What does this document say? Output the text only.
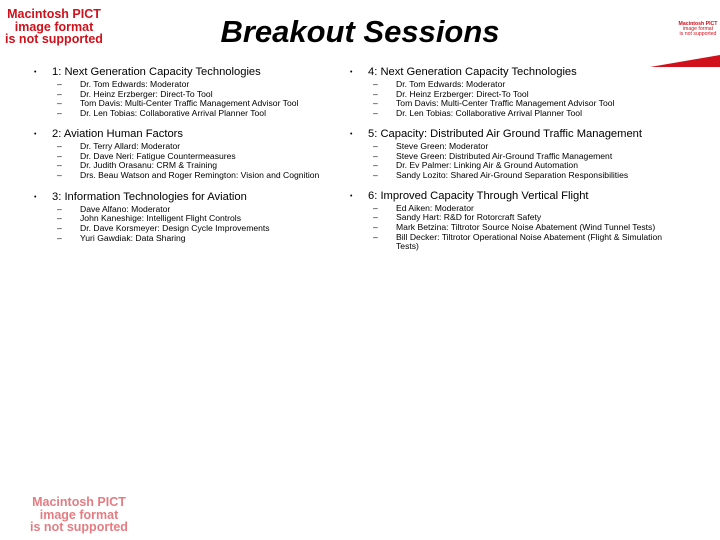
Macintosh PICT
image format
is not supported
Macintosh PICT
image format
is not supported
Breakout Sessions
•	1: Next Generation Capacity Technologies
–	Dr. Tom Edwards: Moderator
–	Dr. Heinz Erzberger: Direct-To Tool
–	Tom Davis: Multi-Center Traffic Management Advisor Tool
–	Dr. Len Tobias: Collaborative Arrival Planner Tool
•	2: Aviation Human Factors
–	Dr. Terry Allard: Moderator
–	Dr. Dave Neri: Fatigue Countermeasures
–	Dr. Judith Orasanu: CRM & Training
–	Drs. Beau Watson and Roger Remington: Vision and Cognition
•	3: Information Technologies for Aviation
–	Dave Alfano: Moderator
–	John Kaneshige: Intelligent Flight Controls
–	Dr. Dave Korsmeyer: Design Cycle Improvements
–	Yuri Gawdiak: Data Sharing
•	4: Next Generation Capacity Technologies
–	Dr. Tom Edwards: Moderator
–	Dr. Heinz Erzberger: Direct-To Tool
–	Tom Davis: Multi-Center Traffic Management Advisor Tool
–	Dr. Len Tobias: Collaborative Arrival Planner Tool
•	5: Capacity: Distributed Air Ground Traffic Management
–	Steve Green: Moderator
–	Steve Green: Distributed Air-Ground Traffic Management
–	Dr. Ev Palmer: Linking Air & Ground Automation
–	Sandy Lozito: Shared Air-Ground Separation Responsibilities
•	6: Improved Capacity Through Vertical Flight
–	Ed Aiken: Moderator
–	Sandy Hart: R&D for Rotorcraft Safety
–	Mark Betzina: Tiltrotor Source Noise Abatement (Wind Tunnel Tests)
–	Bill Decker: Tiltrotor Operational Noise Abatement (Flight & Simulation Tests)
Macintosh PICT
image format
is not supported
